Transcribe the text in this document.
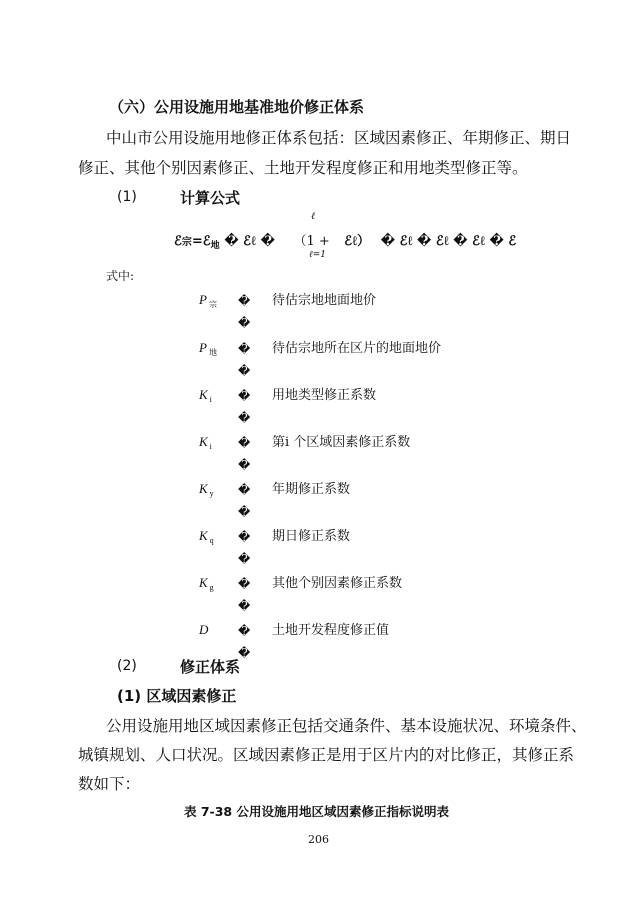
（六）公用设施用地基准地价修正体系
中山市公用设施用地修正体系包括：区域因素修正、年期修正、期日
修正、其他个别因素修正、土地开发程度修正和用地类型修正等。
(1)	计算公式
ℓ
ℰ宗=ℰ$_地$ � ℰℓ � （1 + ℰℓ） � ℰℓ � ℰℓ � ℰℓ � ℰ
ℓ=1
式中:
P $_宗$ �
�
待估宗地地面地价
P $_地$ �
�
待估宗地所在区片的地面地价
K $_i$ �
�
用地类型修正系数
K $_i$ �
�
第i 个区域因素修正系数
K $_y$ �
�
年期修正系数
K $_q$ �
�
期日修正系数
K $_g$ �
�
其他个别因素修正系数
D �
�
土地开发程度修正值
(2)	修正体系
(1) 区域因素修正
公用设施用地区域因素修正包括交通条件、基本设施状况、环境条件、
城镇规划、人口状况。区域因素修正是用于区片内的对比修正，其修正系
数如下：
表 7-38 公用设施用地区域因素修正指标说明表
206
